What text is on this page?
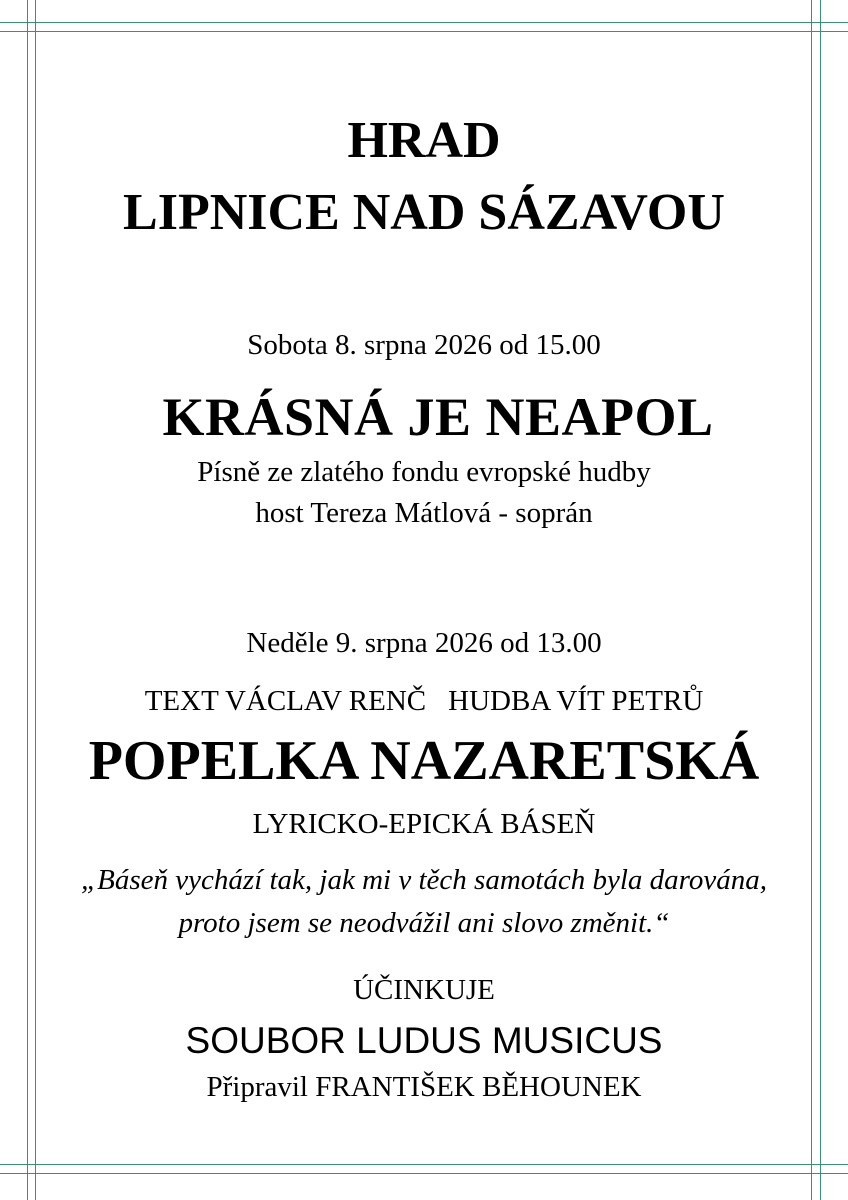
HRAD
LIPNICE NAD SÁZAVOU
Sobota 8. srpna 2026 od 15.00
KRÁSNÁ JE NEAPOL
Písně ze zlatého fondu evropské hudby
host Tereza Mátlová - soprán
Neděle 9. srpna 2026 od 13.00
TEXT VÁCLAV RENČ HUDBA VÍT PETRŮ
POPELKA NAZARETSKÁ
LYRICKO-EPICKÁ BÁSEŇ
„Báseň vychází tak, jak mi v těch samotách byla darována,
proto jsem se neodvážil ani slovo změnit.“
ÚČINKUJE
SOUBOR LUDUS MUSICUS
Připravil FRANTIŠEK BĚHOUNEK
